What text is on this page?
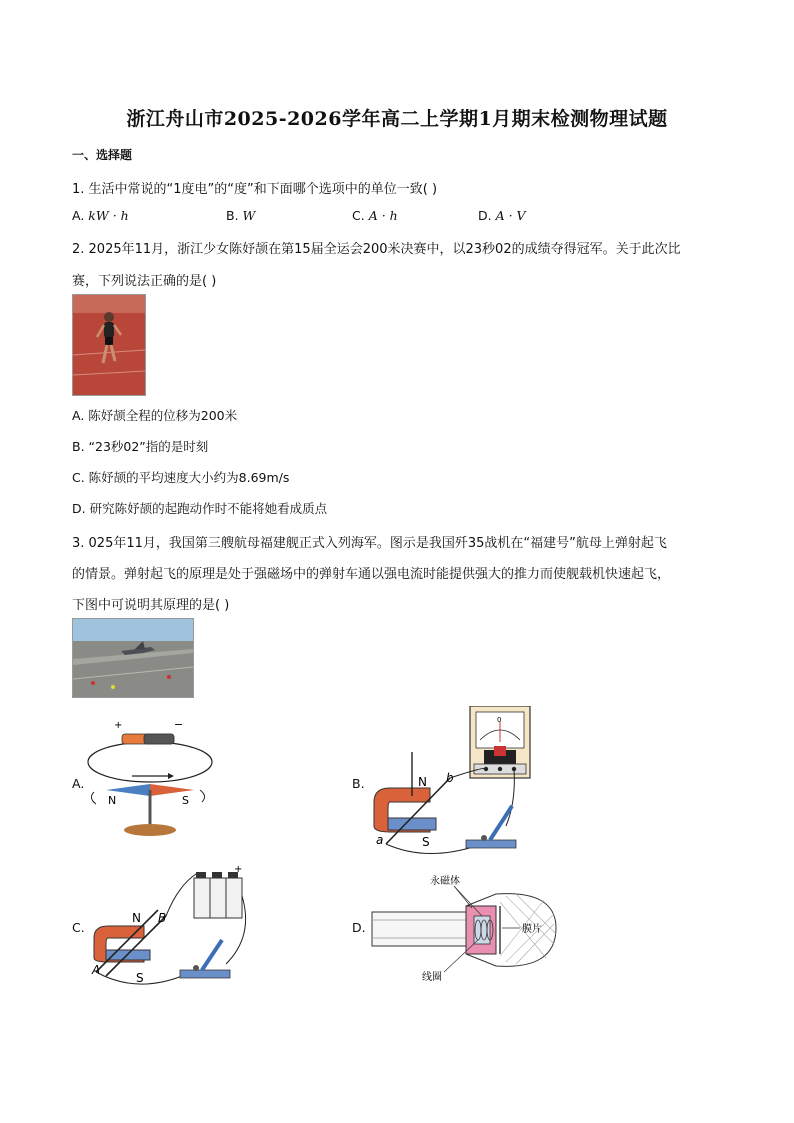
浙江舟山市2025-2026学年高二上学期1月期末检测物理试题
一、选择题
1. 生活中常说的“1度电”的“度”和下面哪个选项中的单位一致( )
A. kW · h	B. W	C. A · h	D. A · V
2. 2025年11月，浙江少女陈妤颉在第15届全运会200米决赛中，以23秒02的成绩夺得冠军。关于此次比
赛，下列说法正确的是( )
A. 陈妤颉全程的位移为200米
B. “23秒02”指的是时刻
C. 陈妤颉的平均速度大小约为8.69m/s
D. 研究陈妤颉的起跑动作时不能将她看成质点
3. 025年11月，我国第三艘航母福建舰正式入列海军。图示是我国歼35战机在“福建号”航母上弹射起飞
的情景。弹射起飞的原理是处于强磁场中的弹射车通以强电流时能提供强大的推力而使舰载机快速起飞，
下图中可说明其原理的是( )
A.
+	−
N	S
B.
0
N
S
b
a
C.
+
N
S
B
A
D.
永磁体
膜片
线圈
